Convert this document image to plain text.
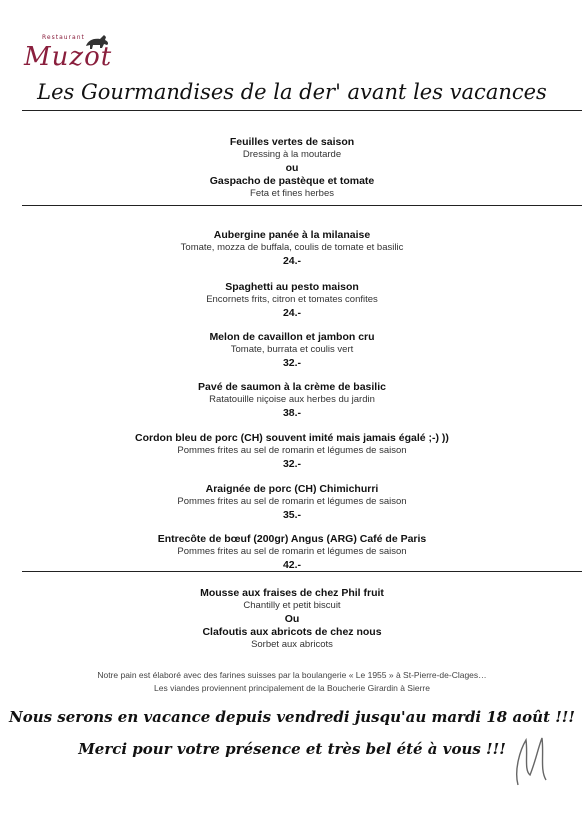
Restaurant
Muzot
Les Gourmandises de la der' avant les vacances
Feuilles vertes de saison
Dressing à la moutarde
ou
Gaspacho de pastèque et tomate
Feta et fines herbes
Aubergine panée à la milanaise
Tomate, mozza de buffala, coulis de tomate et basilic
24.-
Spaghetti au pesto maison
Encornets frits, citron et tomates confites
24.-
Melon de cavaillon et jambon cru
Tomate, burrata et coulis vert
32.-
Pavé de saumon à la crème de basilic
Ratatouille niçoise aux herbes du jardin
38.-
Cordon bleu de porc (CH) souvent imité mais jamais égalé ;-) ))
Pommes frites au sel de romarin et légumes de saison
32.-
Araignée de porc (CH) Chimichurri
Pommes frites au sel de romarin et légumes de saison
35.-
Entrecôte de bœuf (200gr) Angus (ARG) Café de Paris
Pommes frites au sel de romarin et légumes de saison
42.-
Mousse aux fraises de chez Phil fruit
Chantilly et petit biscuit
Ou
Clafoutis aux abricots de chez nous
Sorbet aux abricots
Notre pain est élaboré avec des farines suisses par la boulangerie « Le 1955 » à St-Pierre-de-Clages…
Les viandes proviennent principalement de la Boucherie Girardin à Sierre
Nous serons en vacance depuis vendredi jusqu'au mardi 18 août !!!
Merci pour votre présence et très bel été à vous !!!
